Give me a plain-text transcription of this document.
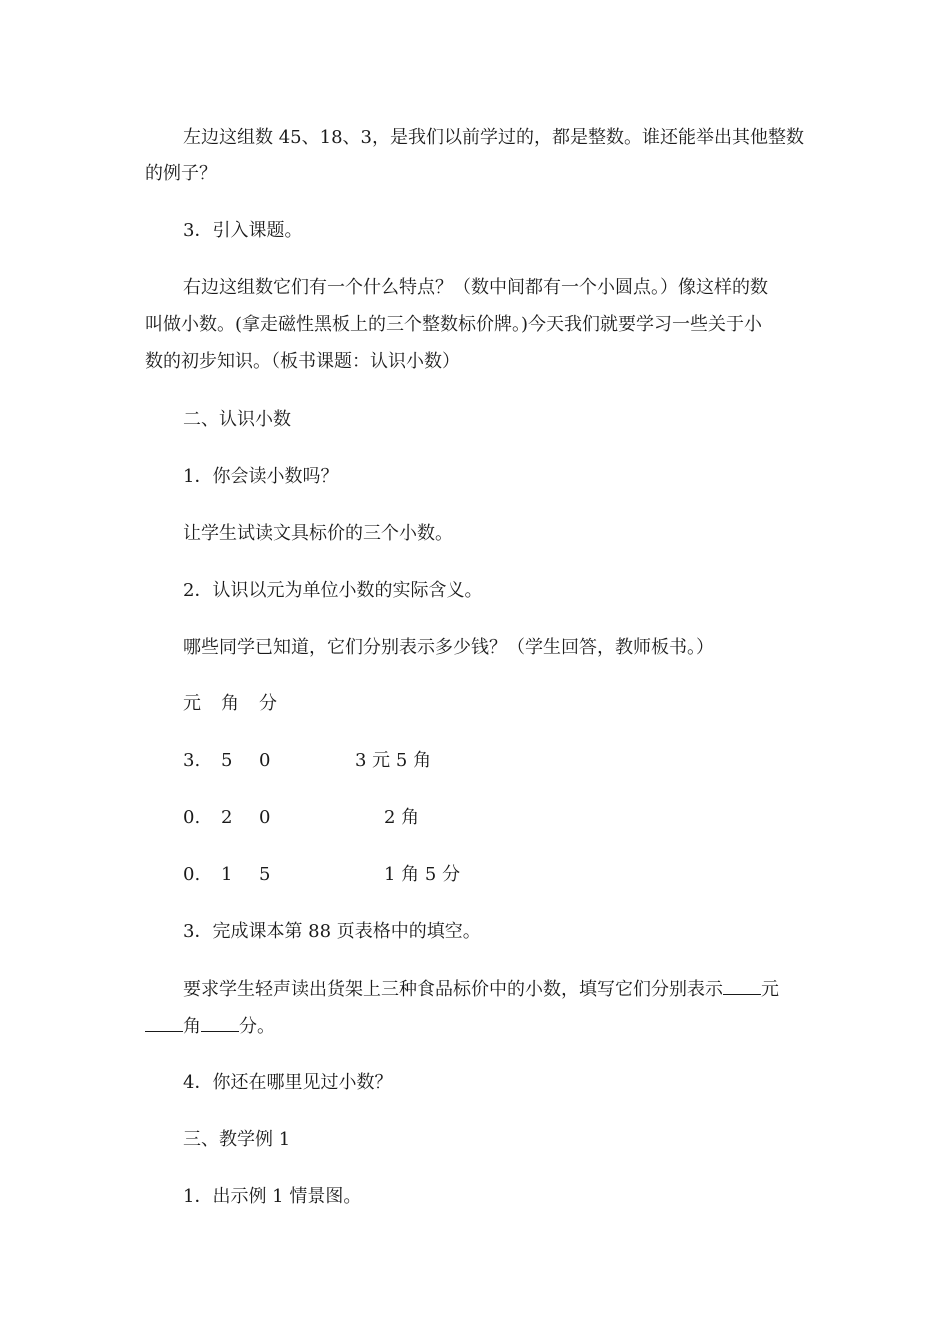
左边这组数 45、18、3，是我们以前学过的，都是整数。谁还能举出其他整数
的例子？
3．引入课题。
右边这组数它们有一个什么特点？（数中间都有一个小圆点。）像这样的数
叫做小数。(拿走磁性黑板上的三个整数标价牌。)今天我们就要学习一些关于小
数的初步知识。（板书课题：认识小数）
二、认识小数
1．你会读小数吗？
让学生试读文具标价的三个小数。
2．认识以元为单位小数的实际含义。
哪些同学已知道，它们分别表示多少钱？（学生回答，教师板书。）
元 角 分
3. 5 0	3 元 5 角
0. 2 0	2 角
0. 1 5	1 角 5 分
3．完成课本第 88 页表格中的填空。
要求学生轻声读出货架上三种食品标价中的小数，填写它们分别表示 元
角 分。
4．你还在哪里见过小数？
三、教学例 1
1．出示例 1 情景图。
